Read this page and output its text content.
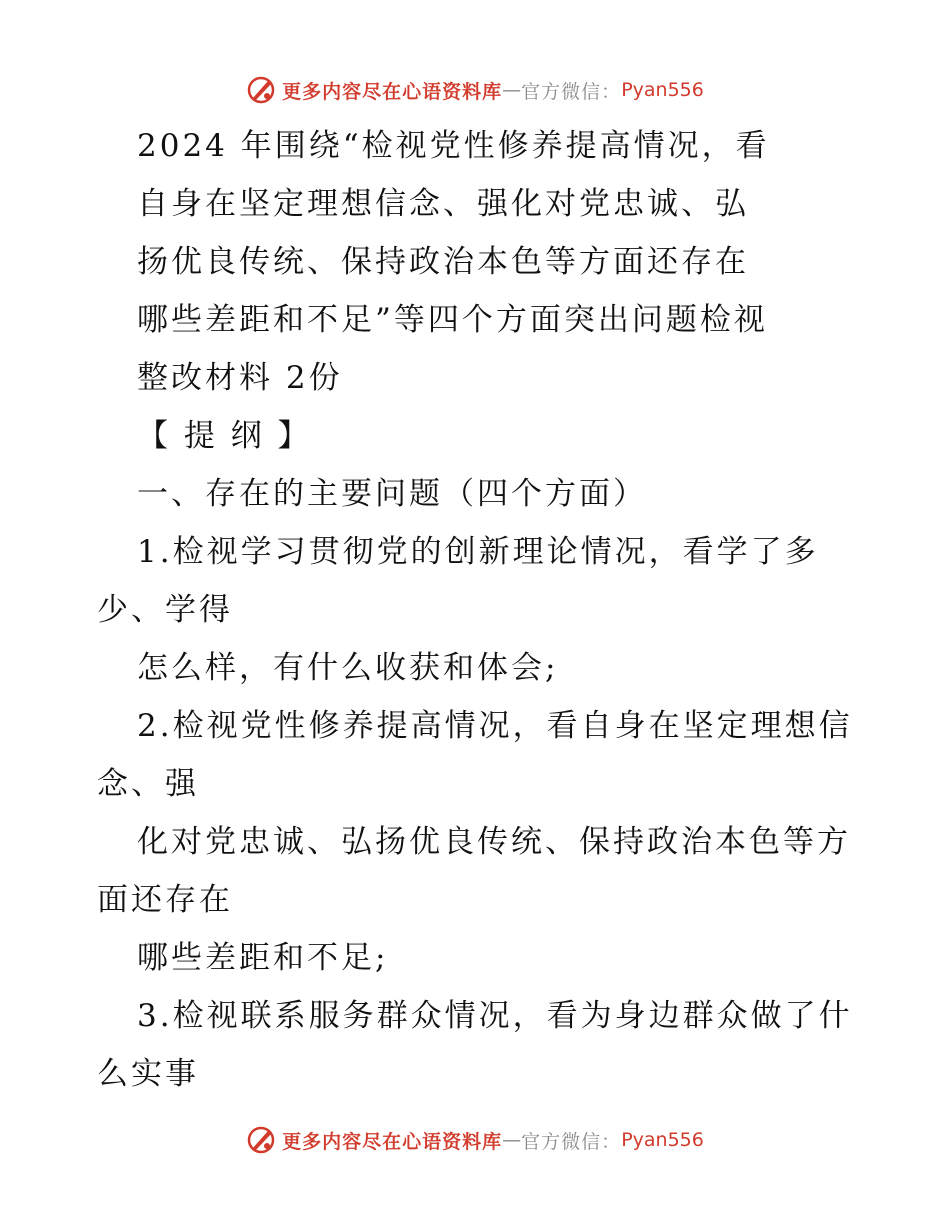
更多内容尽在心语资料库 — 官方微信： Pyan556
2024 年围绕“检视党性修养提高情况，看
自身在坚定理想信念、强化对党忠诚、弘
扬优良传统、保持政治本色等方面还存在
哪些差距和不足”等四个方面突出问题检视
整改材料 2份
【 提 纲 】
一、存在的主要问题（四个方面）
1.检视学习贯彻党的创新理论情况，看学了多
少、学得
怎么样，有什么收获和体会;
2.检视党性修养提高情况，看自身在坚定理想信
念、强
化对党忠诚、弘扬优良传统、保持政治本色等方
面还存在
哪些差距和不足;
3.检视联系服务群众情况，看为身边群众做了什
么实事
更多内容尽在心语资料库 — 官方微信： Pyan556
